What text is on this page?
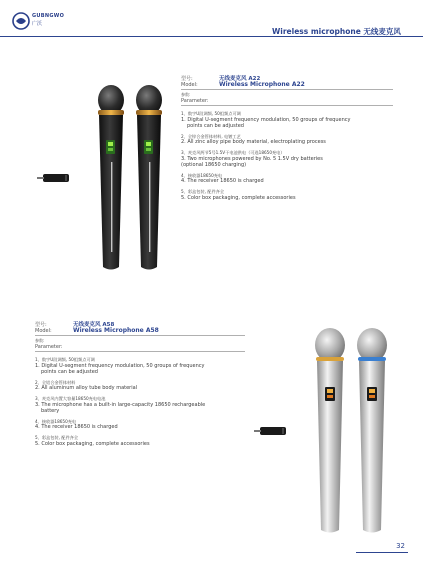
GUBNGWO
广沃
Wireless microphone 无线麦克风
型号:	无线麦克风 A22
Model:	Wireless Microphone A22
参数:
Parameter:
1、数字U段调频, 50组频点可调
1. Digital U-segment frequency modulation, 50 groups of frequency
points can be adjusted
2、全锌合金管体材料, 电镀工艺
2. All zinc alloy pipe body material, electroplating process
3、麦克风两节5号1.5V干电池供电（可选18650充电）
3. Two microphones powered by No. 5 1.5V dry batteries
(optional 18650 charging)
4、接收器18650充电
4. The receiver 18650 is charged
5、彩盒包装, 配件齐全
5. Color box packaging, complete accessories
型号:	无线麦克风 A58
Model:	Wireless Microphone A58
参数:
Parameter:
1、数字U段调频, 50组频点可调
1. Digital U-segment frequency modulation, 50 groups of frequency
points can be adjusted
2、全铝合金管体材料
2. All aluminum alloy tube body material
3、麦克风内置大容量18650充电电池
3. The microphone has a built-in large-capacity 18650 rechargeable
battery
4、接收器18650充电
4. The receiver 18650 is charged
5、彩盒包装, 配件齐全
5. Color box packaging, complete accessories
32
